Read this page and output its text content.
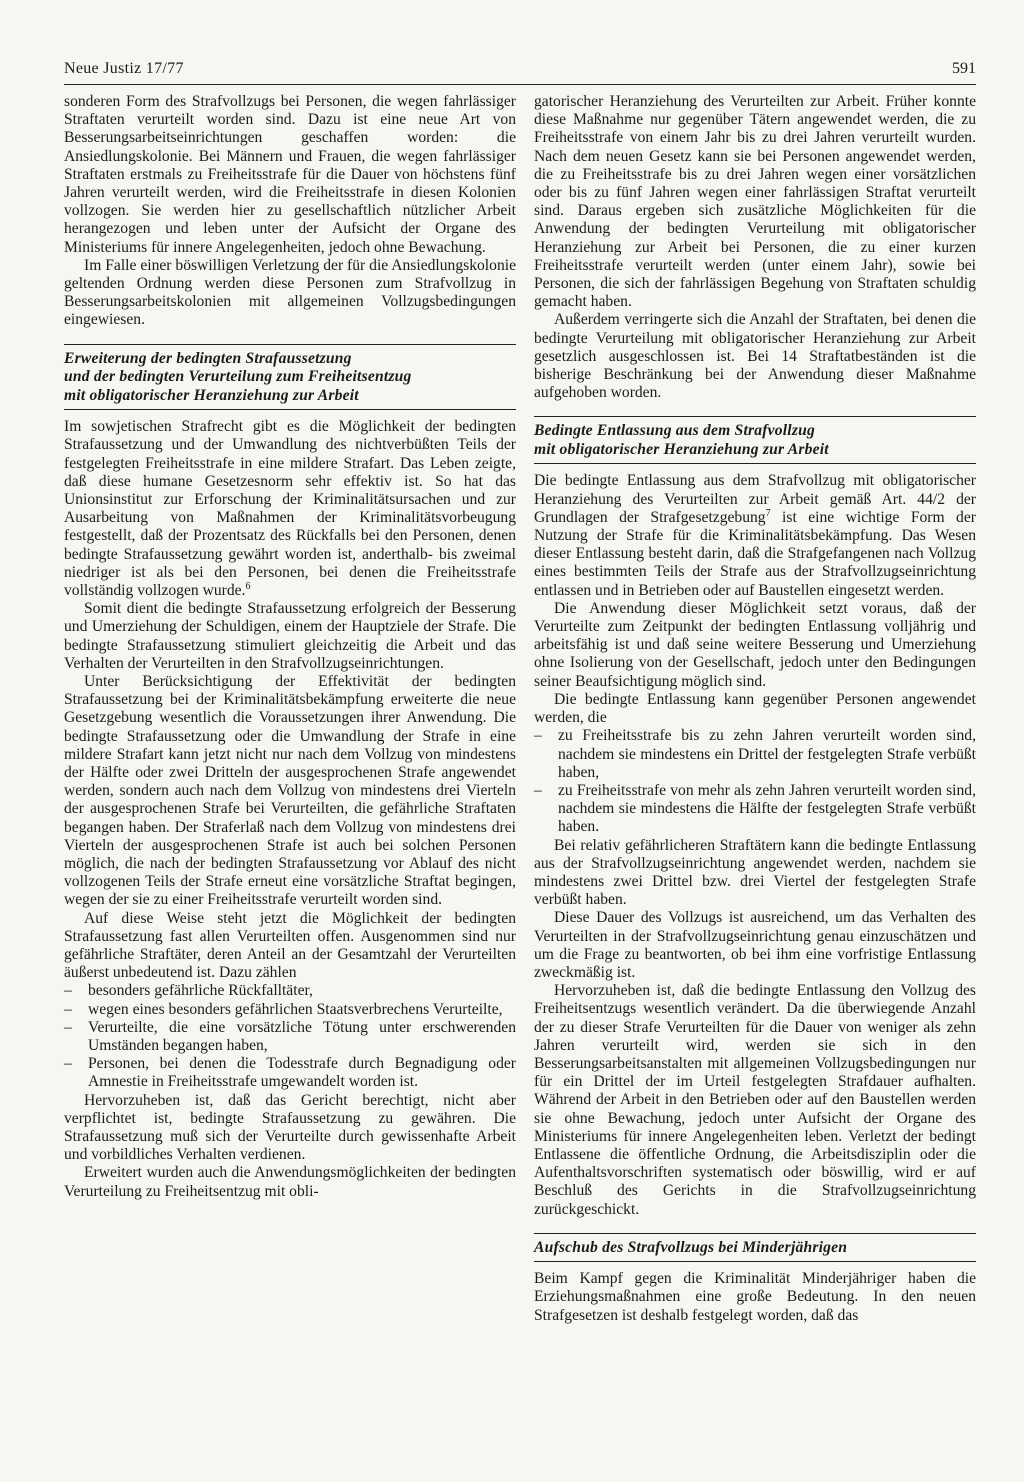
Neue Justiz 17/77	591

sonderen Form des Strafvollzugs bei Personen, die wegen fahrlässiger Straftaten verurteilt worden sind. Dazu ist eine neue Art von Besserungsarbeitseinrichtungen geschaffen worden: die Ansiedlungskolonie. Bei Männern und Frauen, die wegen fahrlässiger Straftaten erstmals zu Freiheitsstrafe für die Dauer von höchstens fünf Jahren verurteilt werden, wird die Freiheitsstrafe in diesen Kolonien vollzogen. Sie werden hier zu gesellschaftlich nützlicher Arbeit herangezogen und leben unter der Aufsicht der Organe des Ministeriums für innere Angelegenheiten, jedoch ohne Bewachung.

Im Falle einer böswilligen Verletzung der für die Ansiedlungskolonie geltenden Ordnung werden diese Personen zum Strafvollzug in Besserungsarbeitskolonien mit allgemeinen Vollzugsbedingungen eingewiesen.

Erweiterung der bedingten Strafaussetzung
und der bedingten Verurteilung zum Freiheitsentzug
mit obligatorischer Heranziehung zur Arbeit

Im sowjetischen Strafrecht gibt es die Möglichkeit der bedingten Strafaussetzung und der Umwandlung des nichtverbüßten Teils der festgelegten Freiheitsstrafe in eine mildere Strafart. Das Leben zeigte, daß diese humane Gesetzesnorm sehr effektiv ist. So hat das Unionsinstitut zur Erforschung der Kriminalitätsursachen und zur Ausarbeitung von Maßnahmen der Kriminalitätsvorbeugung festgestellt, daß der Prozentsatz des Rückfalls bei den Personen, denen bedingte Strafaussetzung gewährt worden ist, anderthalb- bis zweimal niedriger ist als bei den Personen, bei denen die Freiheitsstrafe vollständig vollzogen wurde.$^6$

Somit dient die bedingte Strafaussetzung erfolgreich der Besserung und Umerziehung der Schuldigen, einem der Hauptziele der Strafe. Die bedingte Strafaussetzung stimuliert gleichzeitig die Arbeit und das Verhalten der Verurteilten in den Strafvollzugseinrichtungen.

Unter Berücksichtigung der Effektivität der bedingten Strafaussetzung bei der Kriminalitätsbekämpfung erweiterte die neue Gesetzgebung wesentlich die Voraussetzungen ihrer Anwendung. Die bedingte Strafaussetzung oder die Umwandlung der Strafe in eine mildere Strafart kann jetzt nicht nur nach dem Vollzug von mindestens der Hälfte oder zwei Dritteln der ausgesprochenen Strafe angewendet werden, sondern auch nach dem Vollzug von mindestens drei Vierteln der ausgesprochenen Strafe bei Verurteilten, die gefährliche Straftaten begangen haben. Der Straferlaß nach dem Vollzug von mindestens drei Vierteln der ausgesprochenen Strafe ist auch bei solchen Personen möglich, die nach der bedingten Strafaussetzung vor Ablauf des nicht vollzogenen Teils der Strafe erneut eine vorsätzliche Straftat begingen, wegen der sie zu einer Freiheitsstrafe verurteilt worden sind.

Auf diese Weise steht jetzt die Möglichkeit der bedingten Strafaussetzung fast allen Verurteilten offen. Ausgenommen sind nur gefährliche Straftäter, deren Anteil an der Gesamtzahl der Verurteilten äußerst unbedeutend ist. Dazu zählen

– besonders gefährliche Rückfalltäter,
– wegen eines besonders gefährlichen Staatsverbrechens Verurteilte,
– Verurteilte, die eine vorsätzliche Tötung unter erschwerenden Umständen begangen haben,
– Personen, bei denen die Todesstrafe durch Begnadigung oder Amnestie in Freiheitsstrafe umgewandelt worden ist.

Hervorzuheben ist, daß das Gericht berechtigt, nicht aber verpflichtet ist, bedingte Strafaussetzung zu gewähren. Die Strafaussetzung muß sich der Verurteilte durch gewissenhafte Arbeit und vorbildliches Verhalten verdienen.

Erweitert wurden auch die Anwendungsmöglichkeiten der bedingten Verurteilung zu Freiheitsentzug mit obli-

gatorischer Heranziehung des Verurteilten zur Arbeit. Früher konnte diese Maßnahme nur gegenüber Tätern angewendet werden, die zu Freiheitsstrafe von einem Jahr bis zu drei Jahren verurteilt wurden. Nach dem neuen Gesetz kann sie bei Personen angewendet werden, die zu Freiheitsstrafe bis zu drei Jahren wegen einer vorsätzlichen oder bis zu fünf Jahren wegen einer fahrlässigen Straftat verurteilt sind. Daraus ergeben sich zusätzliche Möglichkeiten für die Anwendung der bedingten Verurteilung mit obligatorischer Heranziehung zur Arbeit bei Personen, die zu einer kurzen Freiheitsstrafe verurteilt werden (unter einem Jahr), sowie bei Personen, die sich der fahrlässigen Begehung von Straftaten schuldig gemacht haben.

Außerdem verringerte sich die Anzahl der Straftaten, bei denen die bedingte Verurteilung mit obligatorischer Heranziehung zur Arbeit gesetzlich ausgeschlossen ist. Bei 14 Straftatbeständen ist die bisherige Beschränkung bei der Anwendung dieser Maßnahme aufgehoben worden.

Bedingte Entlassung aus dem Strafvollzug
mit obligatorischer Heranziehung zur Arbeit

Die bedingte Entlassung aus dem Strafvollzug mit obligatorischer Heranziehung des Verurteilten zur Arbeit gemäß Art. 44/2 der Grundlagen der Strafgesetzgebung$^7$ ist eine wichtige Form der Nutzung der Strafe für die Kriminalitätsbekämpfung. Das Wesen dieser Entlassung besteht darin, daß die Strafgefangenen nach Vollzug eines bestimmten Teils der Strafe aus der Strafvollzugseinrichtung entlassen und in Betrieben oder auf Baustellen eingesetzt werden.

Die Anwendung dieser Möglichkeit setzt voraus, daß der Verurteilte zum Zeitpunkt der bedingten Entlassung volljährig und arbeitsfähig ist und daß seine weitere Besserung und Umerziehung ohne Isolierung von der Gesellschaft, jedoch unter den Bedingungen seiner Beaufsichtigung möglich sind.

Die bedingte Entlassung kann gegenüber Personen angewendet werden, die

– zu Freiheitsstrafe bis zu zehn Jahren verurteilt worden sind, nachdem sie mindestens ein Drittel der festgelegten Strafe verbüßt haben,
– zu Freiheitsstrafe von mehr als zehn Jahren verurteilt worden sind, nachdem sie mindestens die Hälfte der festgelegten Strafe verbüßt haben.

Bei relativ gefährlicheren Straftätern kann die bedingte Entlassung aus der Strafvollzugseinrichtung angewendet werden, nachdem sie mindestens zwei Drittel bzw. drei Viertel der festgelegten Strafe verbüßt haben.

Diese Dauer des Vollzugs ist ausreichend, um das Verhalten des Verurteilten in der Strafvollzugseinrichtung genau einzuschätzen und um die Frage zu beantworten, ob bei ihm eine vorfristige Entlassung zweckmäßig ist.

Hervorzuheben ist, daß die bedingte Entlassung den Vollzug des Freiheitsentzugs wesentlich verändert. Da die überwiegende Anzahl der zu dieser Strafe Verurteilten für die Dauer von weniger als zehn Jahren verurteilt wird, werden sie sich in den Besserungsarbeitsanstalten mit allgemeinen Vollzugsbedingungen nur für ein Drittel der im Urteil festgelegten Strafdauer aufhalten. Während der Arbeit in den Betrieben oder auf den Baustellen werden sie ohne Bewachung, jedoch unter Aufsicht der Organe des Ministeriums für innere Angelegenheiten leben. Verletzt der bedingt Entlassene die öffentliche Ordnung, die Arbeitsdisziplin oder die Aufenthaltsvorschriften systematisch oder böswillig, wird er auf Beschluß des Gerichts in die Strafvollzugseinrichtung zurückgeschickt.

Aufschub des Strafvollzugs bei Minderjährigen

Beim Kampf gegen die Kriminalität Minderjähriger haben die Erziehungsmaßnahmen eine große Bedeutung. In den neuen Strafgesetzen ist deshalb festgelegt worden, daß das
